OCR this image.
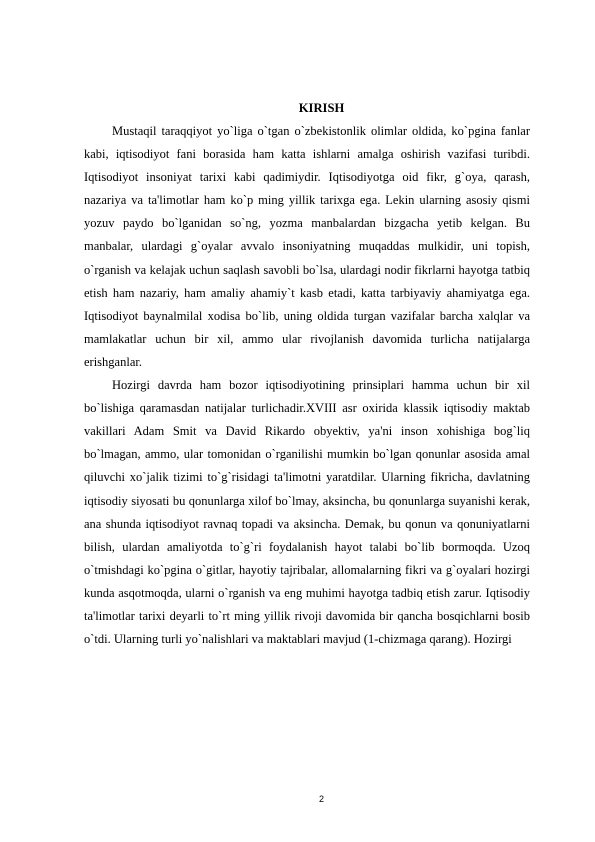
KIRISH

Mustaqil taraqqiyot yo`liga o`tgan o`zbekistonlik olimlar oldida, ko`pgina fanlar kabi, iqtisodiyot fani borasida ham katta ishlarni amalga oshirish vazifasi turibdi. Iqtisodiyot insoniyat tarixi kabi qadimiydir. Iqtisodiyotga oid fikr, g`oya, qarash, nazariya va ta'limotlar ham ko`p ming yillik tarixga ega. Lekin ularning asosiy qismi yozuv paydo bo`lganidan so`ng, yozma manbalardan bizgacha yetib kelgan. Bu manbalar, ulardagi g`oyalar avvalo insoniyatning muqaddas mulkidir, uni topish, o`rganish va kelajak uchun saqlash savobli bo`lsa, ulardagi nodir fikrlarni hayotga tatbiq etish ham nazariy, ham amaliy ahamiy`t kasb etadi, katta tarbiyaviy ahamiyatga ega. Iqtisodiyot baynalmilal xodisa bo`lib, uning oldida turgan vazifalar barcha xalqlar va mamlakatlar uchun bir xil, ammo ular rivojlanish davomida turlicha natijalarga erishganlar.

Hozirgi davrda ham bozor iqtisodiyotining prinsiplari hamma uchun bir xil bo`lishiga qaramasdan natijalar turlichadir.XVIII asr oxirida klassik iqtisodiy maktab vakillari Adam Smit va David Rikardo obyektiv, ya'ni inson xohishiga bog`liq bo`lmagan, ammo, ular tomonidan o`rganilishi mumkin bo`lgan qonunlar asosida amal qiluvchi xo`jalik tizimi to`g`risidagi ta'limotni yaratdilar. Ularning fikricha, davlatning iqtisodiy siyosati bu qonunlarga xilof bo`lmay, aksincha, bu qonunlarga suyanishi kerak, ana shunda iqtisodiyot ravnaq topadi va aksincha. Demak, bu qonun va qonuniyatlarni bilish, ulardan amaliyotda to`g`ri foydalanish hayot talabi bo`lib bormoqda. Uzoq o`tmishdagi ko`pgina o`gitlar, hayotiy tajribalar, allomalarning fikri va g`oyalari hozirgi kunda asqotmoqda, ularni o`rganish va eng muhimi hayotga tadbiq etish zarur. Iqtisodiy ta'limotlar tarixi deyarli to`rt ming yillik rivoji davomida bir qancha bosqichlarni bosib o`tdi. Ularning turli yo`nalishlari va maktablari mavjud (1-chizmaga qarang). Hozirgi

2
